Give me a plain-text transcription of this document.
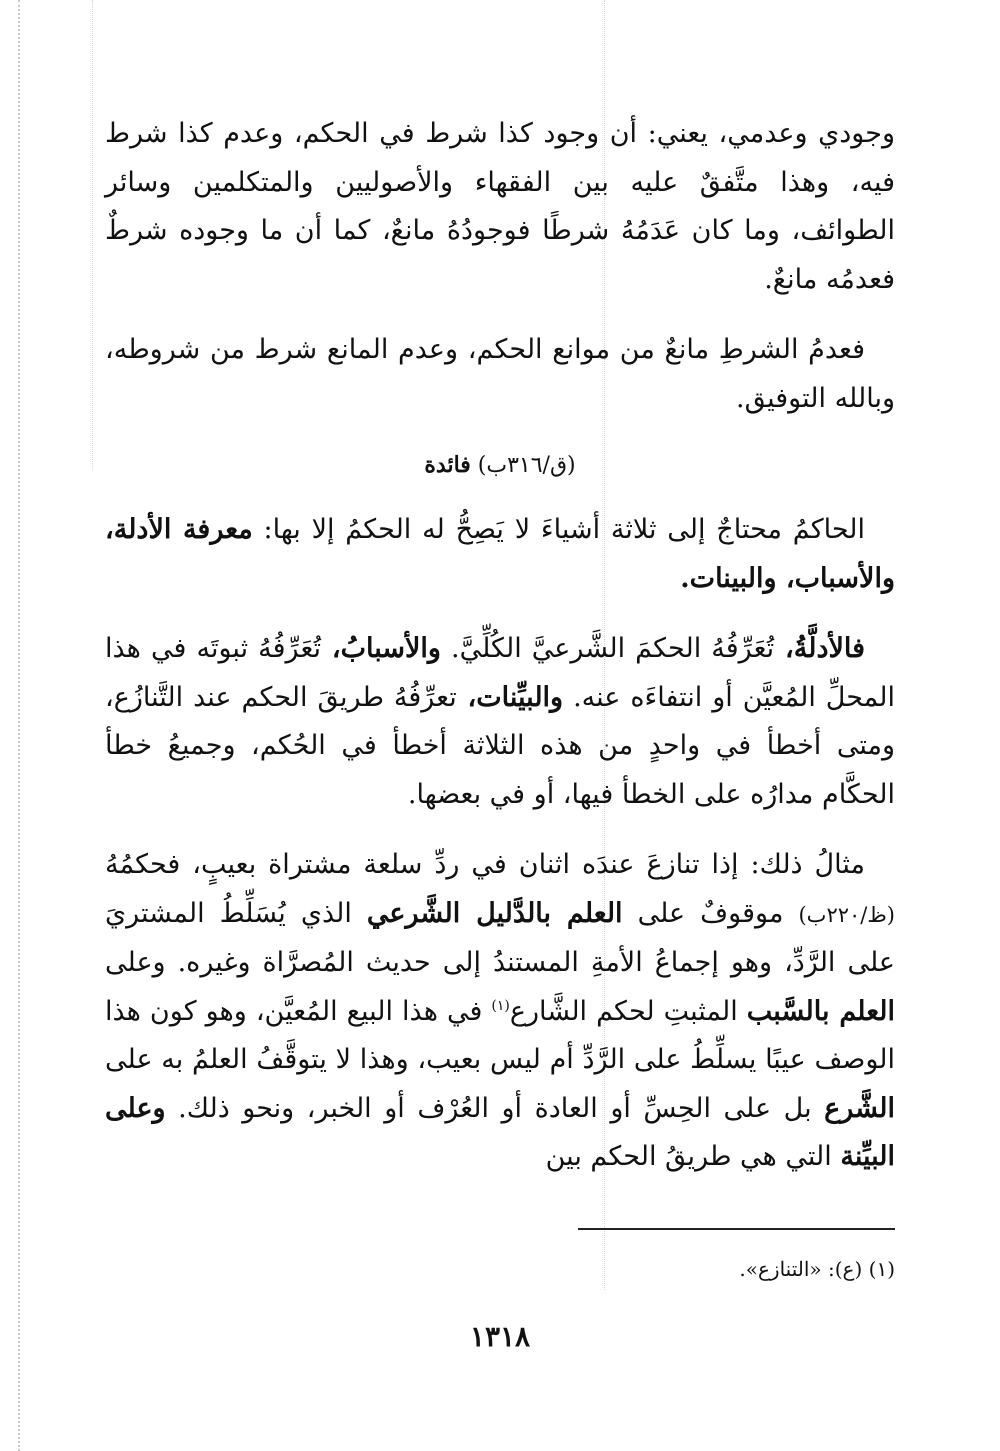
وجودي وعدمي، يعني: أن وجود كذا شرط في الحكم، وعدم كذا شرط فيه، وهذا متَّفقٌ عليه بين الفقهاء والأصوليين والمتكلمين وسائر الطوائف، وما كان عَدَمُهُ شرطًا فوجودُهُ مانعٌ، كما أن ما وجوده شرطٌ فعدمُه مانعٌ.

فعدمُ الشرطِ مانعٌ من موانع الحكم، وعدم المانع شرط من شروطه، وبالله التوفيق.

(ق/٣١٦ب) فائدة

الحاكمُ محتاجٌ إلى ثلاثة أشياءَ لا يَصِحُّ له الحكمُ إلا بها: معرفة الأدلة، والأسباب، والبينات.

فالأدلَّةُ، تُعَرِّفُهُ الحكمَ الشَّرعيَّ الكُلِّيَّ. والأسبابُ، تُعَرِّفُهُ ثبوتَه في هذا المحلِّ المُعيَّن أو انتفاءَه عنه. والبيِّنات، تعرِّفُهُ طريقَ الحكم عند التَّنازُع، ومتى أخطأ في واحدٍ من هذه الثلاثة أخطأ في الحُكم، وجميعُ خطأ الحكَّام مدارُه على الخطأ فيها، أو في بعضها.

مثالُ ذلك: إذا تنازعَ عندَه اثنان في ردِّ سلعة مشتراة بعيبٍ، فحكمُهُ (ظ/٢٢٠ب) موقوفٌ على العلم بالدَّليل الشَّرعي الذي يُسَلِّطُ المشتريَ على الرَّدِّ، وهو إجماعُ الأمةِ المستندُ إلى حديث المُصرَّاة وغيره. وعلى العلم بالسَّبب المثبتِ لحكم الشَّارع$^{(١)}$ في هذا البيع المُعيَّن، وهو كون هذا الوصف عيبًا يسلِّطُ على الرَّدِّ أم ليس بعيب، وهذا لا يتوقَّفُ العلمُ به على الشَّرع بل على الحِسِّ أو العادة أو العُرْف أو الخبر، ونحو ذلك. وعلى البيِّنة التي هي طريقُ الحكم بين

(١) (ع): «التنازع».
١٣١٨
